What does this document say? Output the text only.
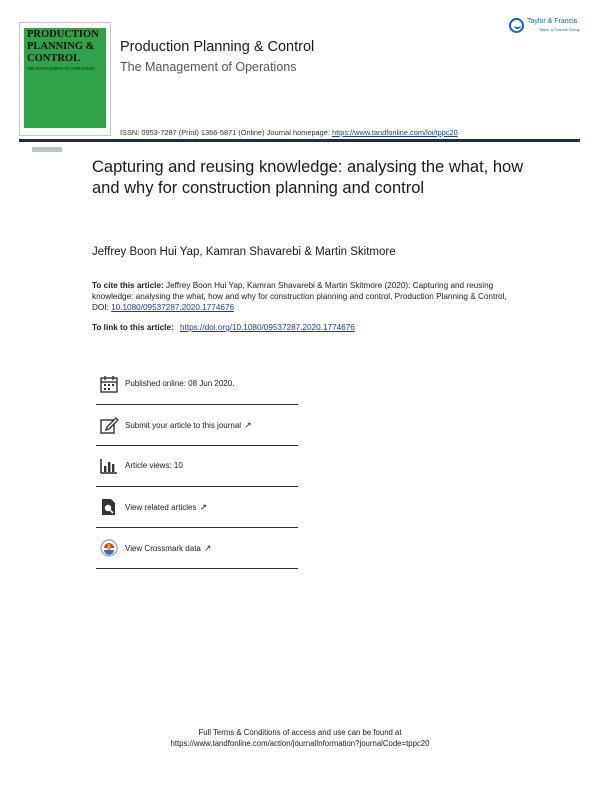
PRODUCTION
PLANNING &
CONTROL
THE MANAGEMENT OF OPERATIONS
Production Planning & Control
The Management of Operations
ISSN: 0953-7287 (Print) 1366-5871 (Online) Journal homepage: https://www.tandfonline.com/loi/tppc20
Taylor & Francis
Taylor & Francis Group
Capturing and reusing knowledge: analysing the what, how and why for construction planning and control
Jeffrey Boon Hui Yap, Kamran Shavarebi & Martin Skitmore
To cite this article: Jeffrey Boon Hui Yap, Kamran Shavarebi & Martin Skitmore (2020): Capturing and reusing knowledge: analysing the what, how and why for construction planning and control, Production Planning & Control, DOI: 10.1080/09537287.2020.1774676
To link to this article: https://doi.org/10.1080/09537287.2020.1774676
Published online: 08 Jun 2020.
Submit your article to this journal ↗
Article views: 10
View related articles ↗
View Crossmark data ↗
Full Terms & Conditions of access and use can be found at
https://www.tandfonline.com/action/journalInformation?journalCode=tppc20
